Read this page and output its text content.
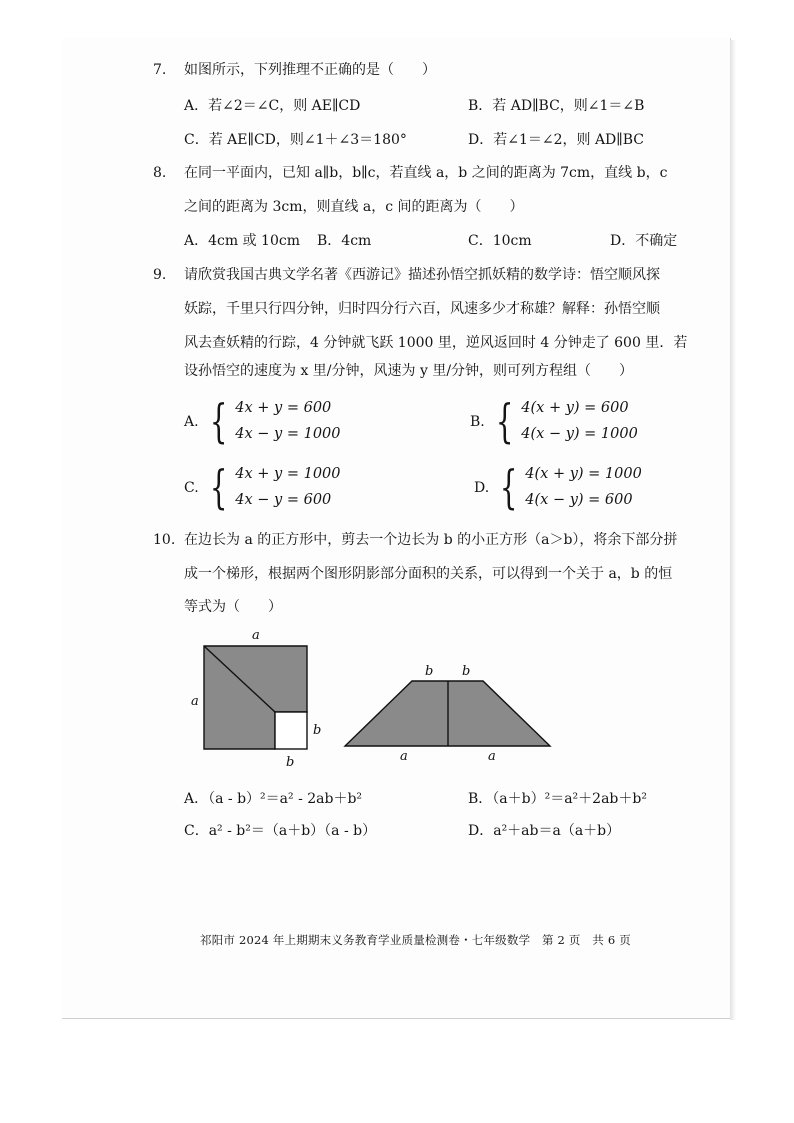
7. 如图所示，下列推理不正确的是（　　）
A．若∠2＝∠C，则 AE∥CD	B．若 AD∥BC，则∠1＝∠B
C．若 AE∥CD，则∠1＋∠3＝180°	D．若∠1＝∠2，则 AD∥BC
8. 在同一平面内，已知 a∥b，b∥c，若直线 a，b 之间的距离为 7cm，直线 b，c
之间的距离为 3cm，则直线 a，c 间的距离为（　　）
A．4cm 或 10cm B．4cm	C．10cm	D．不确定
9. 请欣赏我国古典文学名著《西游记》描述孙悟空抓妖精的数学诗：悟空顺风探
妖踪，千里只行四分钟，归时四分行六百，风速多少才称雄？解释：孙悟空顺
风去查妖精的行踪，4 分钟就飞跃 1000 里，逆风返回时 4 分钟走了 600 里．若
设孙悟空的速度为 x 里/分钟，风速为 y 里/分钟，则可列方程组（　　）
A. { 4x + y = 600
4x − y = 1000
B. { 4(x + y) = 600
4(x − y) = 1000
C. { 4x + y = 1000
4x − y = 600
D. { 4(x + y) = 1000
4(x − y) = 600
10. 在边长为 a 的正方形中，剪去一个边长为 b 的小正方形（a＞b），将余下部分拼
成一个梯形，根据两个图形阴影部分面积的关系，可以得到一个关于 a，b 的恒
等式为（　　）
a
a
b
b
b b
a	a
A．（a - b）²＝a² - 2ab＋b²	B．（a＋b）²＝a²＋2ab＋b²
C．a² - b²＝（a＋b）（a - b）	D．a²＋ab＝a（a＋b）
祁阳市 2024 年上期期末义务教育学业质量检测卷・七年级数学　第 2 页　共 6 页
